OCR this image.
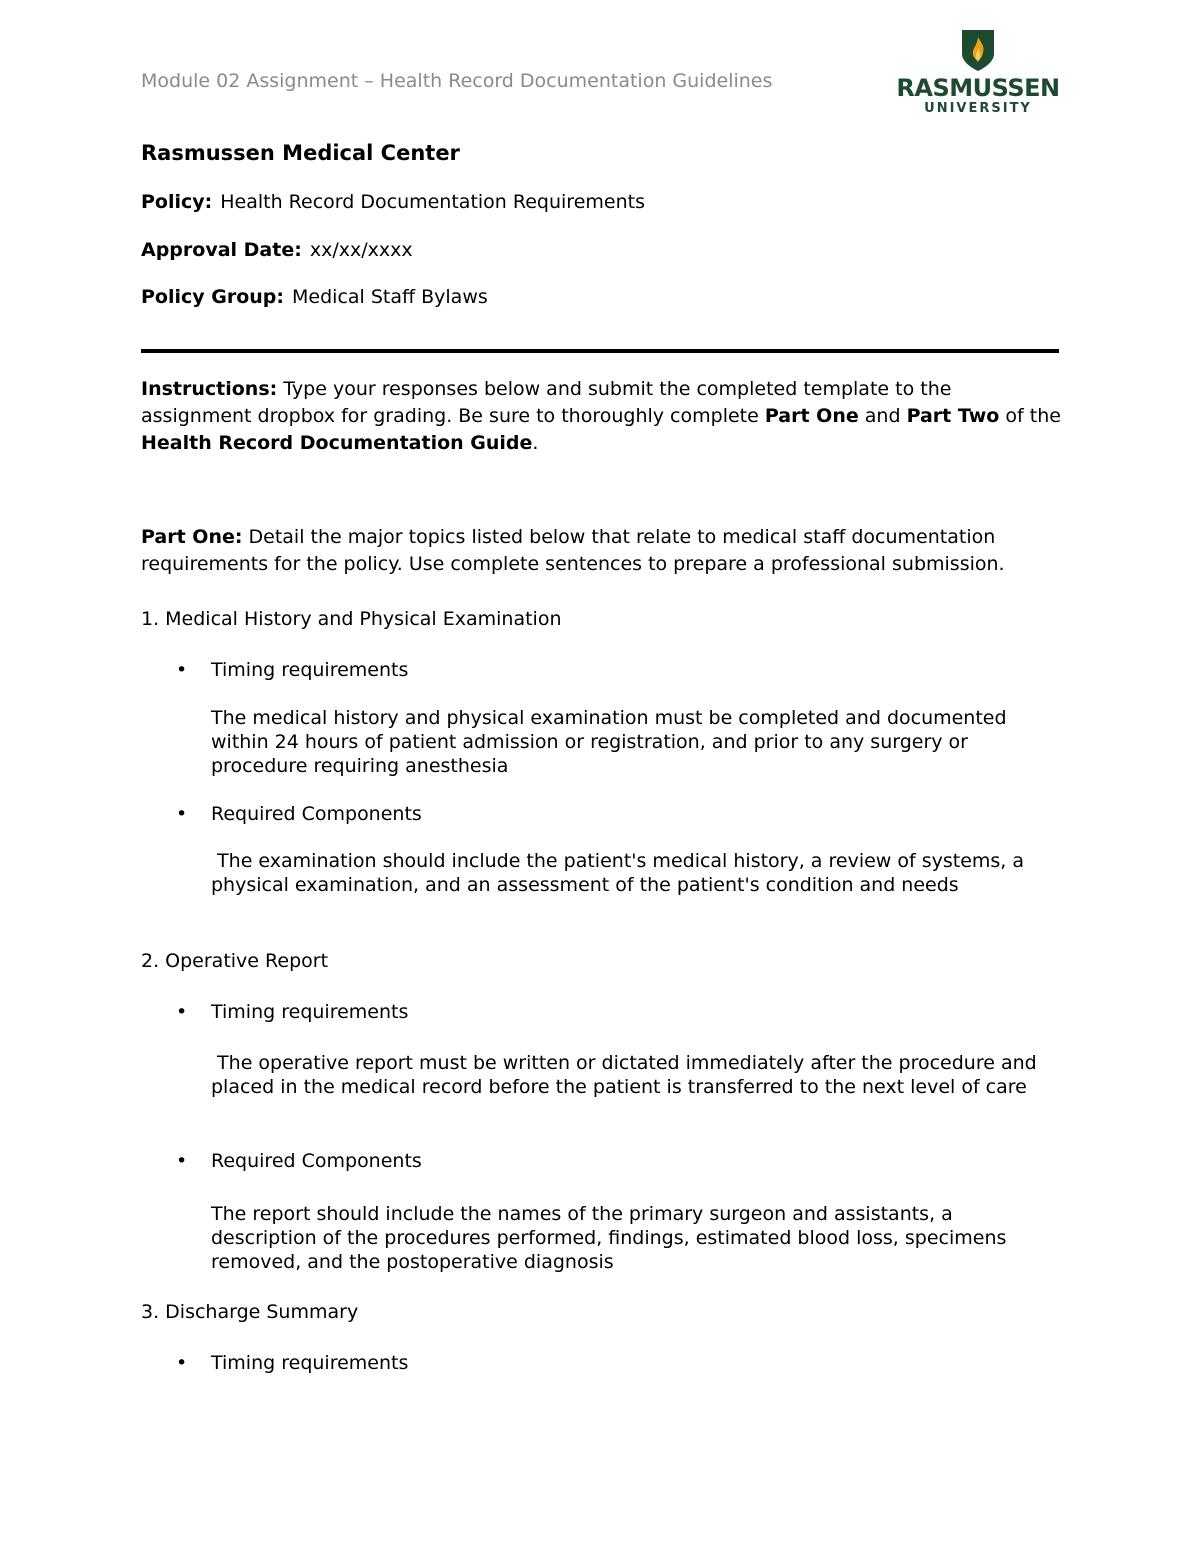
Module 02 Assignment – Health Record Documentation Guidelines	RASMUSSEN
UNIVERSITY

Rasmussen Medical Center

Policy: Health Record Documentation Requirements

Approval Date: xx/xx/xxxx

Policy Group: Medical Staff Bylaws

Instructions: Type your responses below and submit the completed template to the assignment dropbox for grading. Be sure to thoroughly complete Part One and Part Two of the Health Record Documentation Guide.

Part One: Detail the major topics listed below that relate to medical staff documentation requirements for the policy. Use complete sentences to prepare a professional submission.

1. Medical History and Physical Examination

• Timing requirements

The medical history and physical examination must be completed and documented within 24 hours of patient admission or registration, and prior to any surgery or procedure requiring anesthesia

• Required Components

The examination should include the patient's medical history, a review of systems, a physical examination, and an assessment of the patient's condition and needs

2. Operative Report

• Timing requirements

The operative report must be written or dictated immediately after the procedure and placed in the medical record before the patient is transferred to the next level of care

• Required Components

The report should include the names of the primary surgeon and assistants, a description of the procedures performed, findings, estimated blood loss, specimens removed, and the postoperative diagnosis

3. Discharge Summary

• Timing requirements
